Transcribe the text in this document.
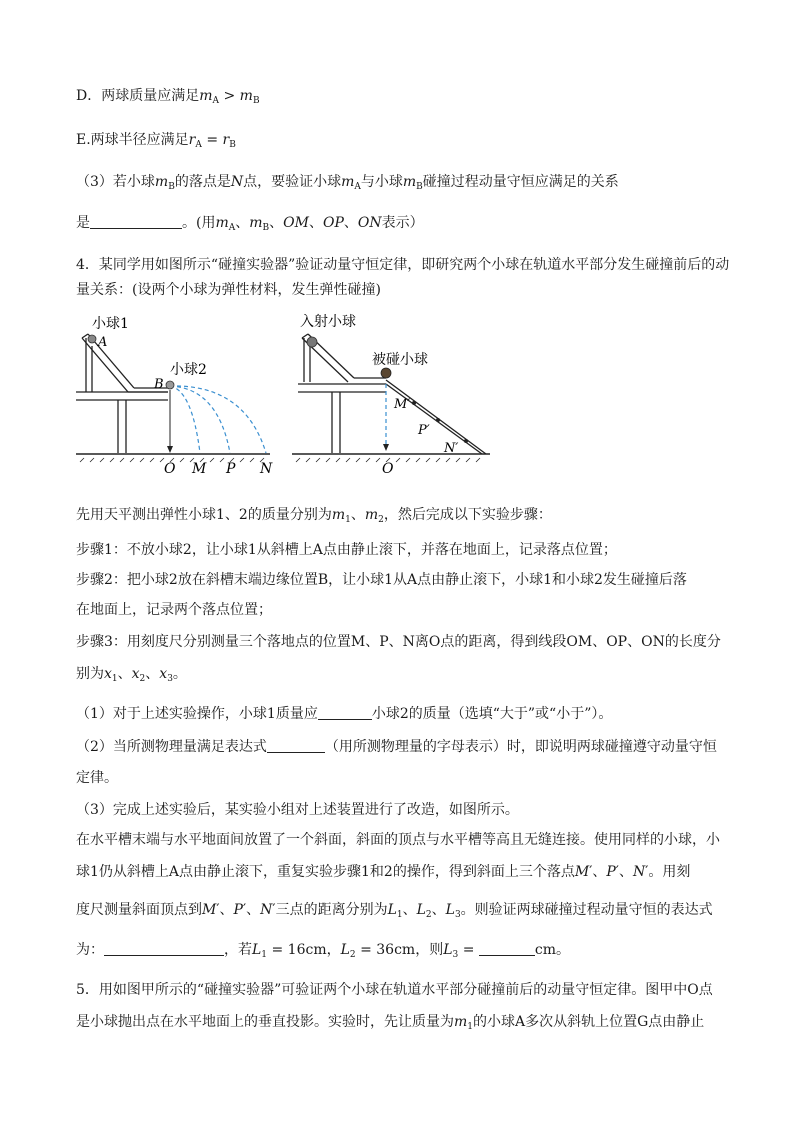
D．两球质量应满足$m_A > m_B$
E.两球半径应满足$r_A = r_B$
（3）若小球$m_B$的落点是N点，要验证小球$m_A$与小球$m_B$碰撞过程动量守恒应满足的关系
是	。(用$m_A$、$m_B$、OM、OP、ON表示）
4．某同学用如图所示“碰撞实验器”验证动量守恒定律，即研究两个小球在轨道水平部分发生碰撞前后的动
量关系：(设两个小球为弹性材料，发生弹性碰撞)
小球1
A
小球2
B
O M P N
入射小球
被碰小球
M′
P′
N′
O
先用天平测出弹性小球1、2的质量分别为$m_1$、$m_2$，然后完成以下实验步骤：
步骤1：不放小球2，让小球1从斜槽上A点由静止滚下，并落在地面上，记录落点位置；
步骤2：把小球2放在斜槽末端边缘位置B，让小球1从A点由静止滚下，小球1和小球2发生碰撞后落
在地面上，记录两个落点位置；
步骤3：用刻度尺分别测量三个落地点的位置M、P、N离O点的距离，得到线段OM、OP、ON的长度分
别为$x_1$、$x_2$、$x_3$。
（1）对于上述实验操作，小球1质量应	小球2的质量（选填“大于”或“小于”）。
（2）当所测物理量满足表达式	（用所测物理量的字母表示）时，即说明两球碰撞遵守动量守恒
定律。
（3）完成上述实验后，某实验小组对上述装置进行了改造，如图所示。
在水平槽末端与水平地面间放置了一个斜面，斜面的顶点与水平槽等高且无缝连接。使用同样的小球，小
球1仍从斜槽上A点由静止滚下，重复实验步骤1和2的操作，得到斜面上三个落点M′、P′、N′。用刻
度尺测量斜面顶点到M′、P′、N′三点的距离分别为$L_1$、$L_2$、$L_3$。则验证两球碰撞过程动量守恒的表达式
为：	，若$L_1 = 16cm$，$L_2 = 36cm$，则$L_3$ =	cm。
5．用如图甲所示的“碰撞实验器”可验证两个小球在轨道水平部分碰撞前后的动量守恒定律。图甲中O点
是小球抛出点在水平地面上的垂直投影。实验时，先让质量为$m_1$的小球A多次从斜轨上位置G点由静止
